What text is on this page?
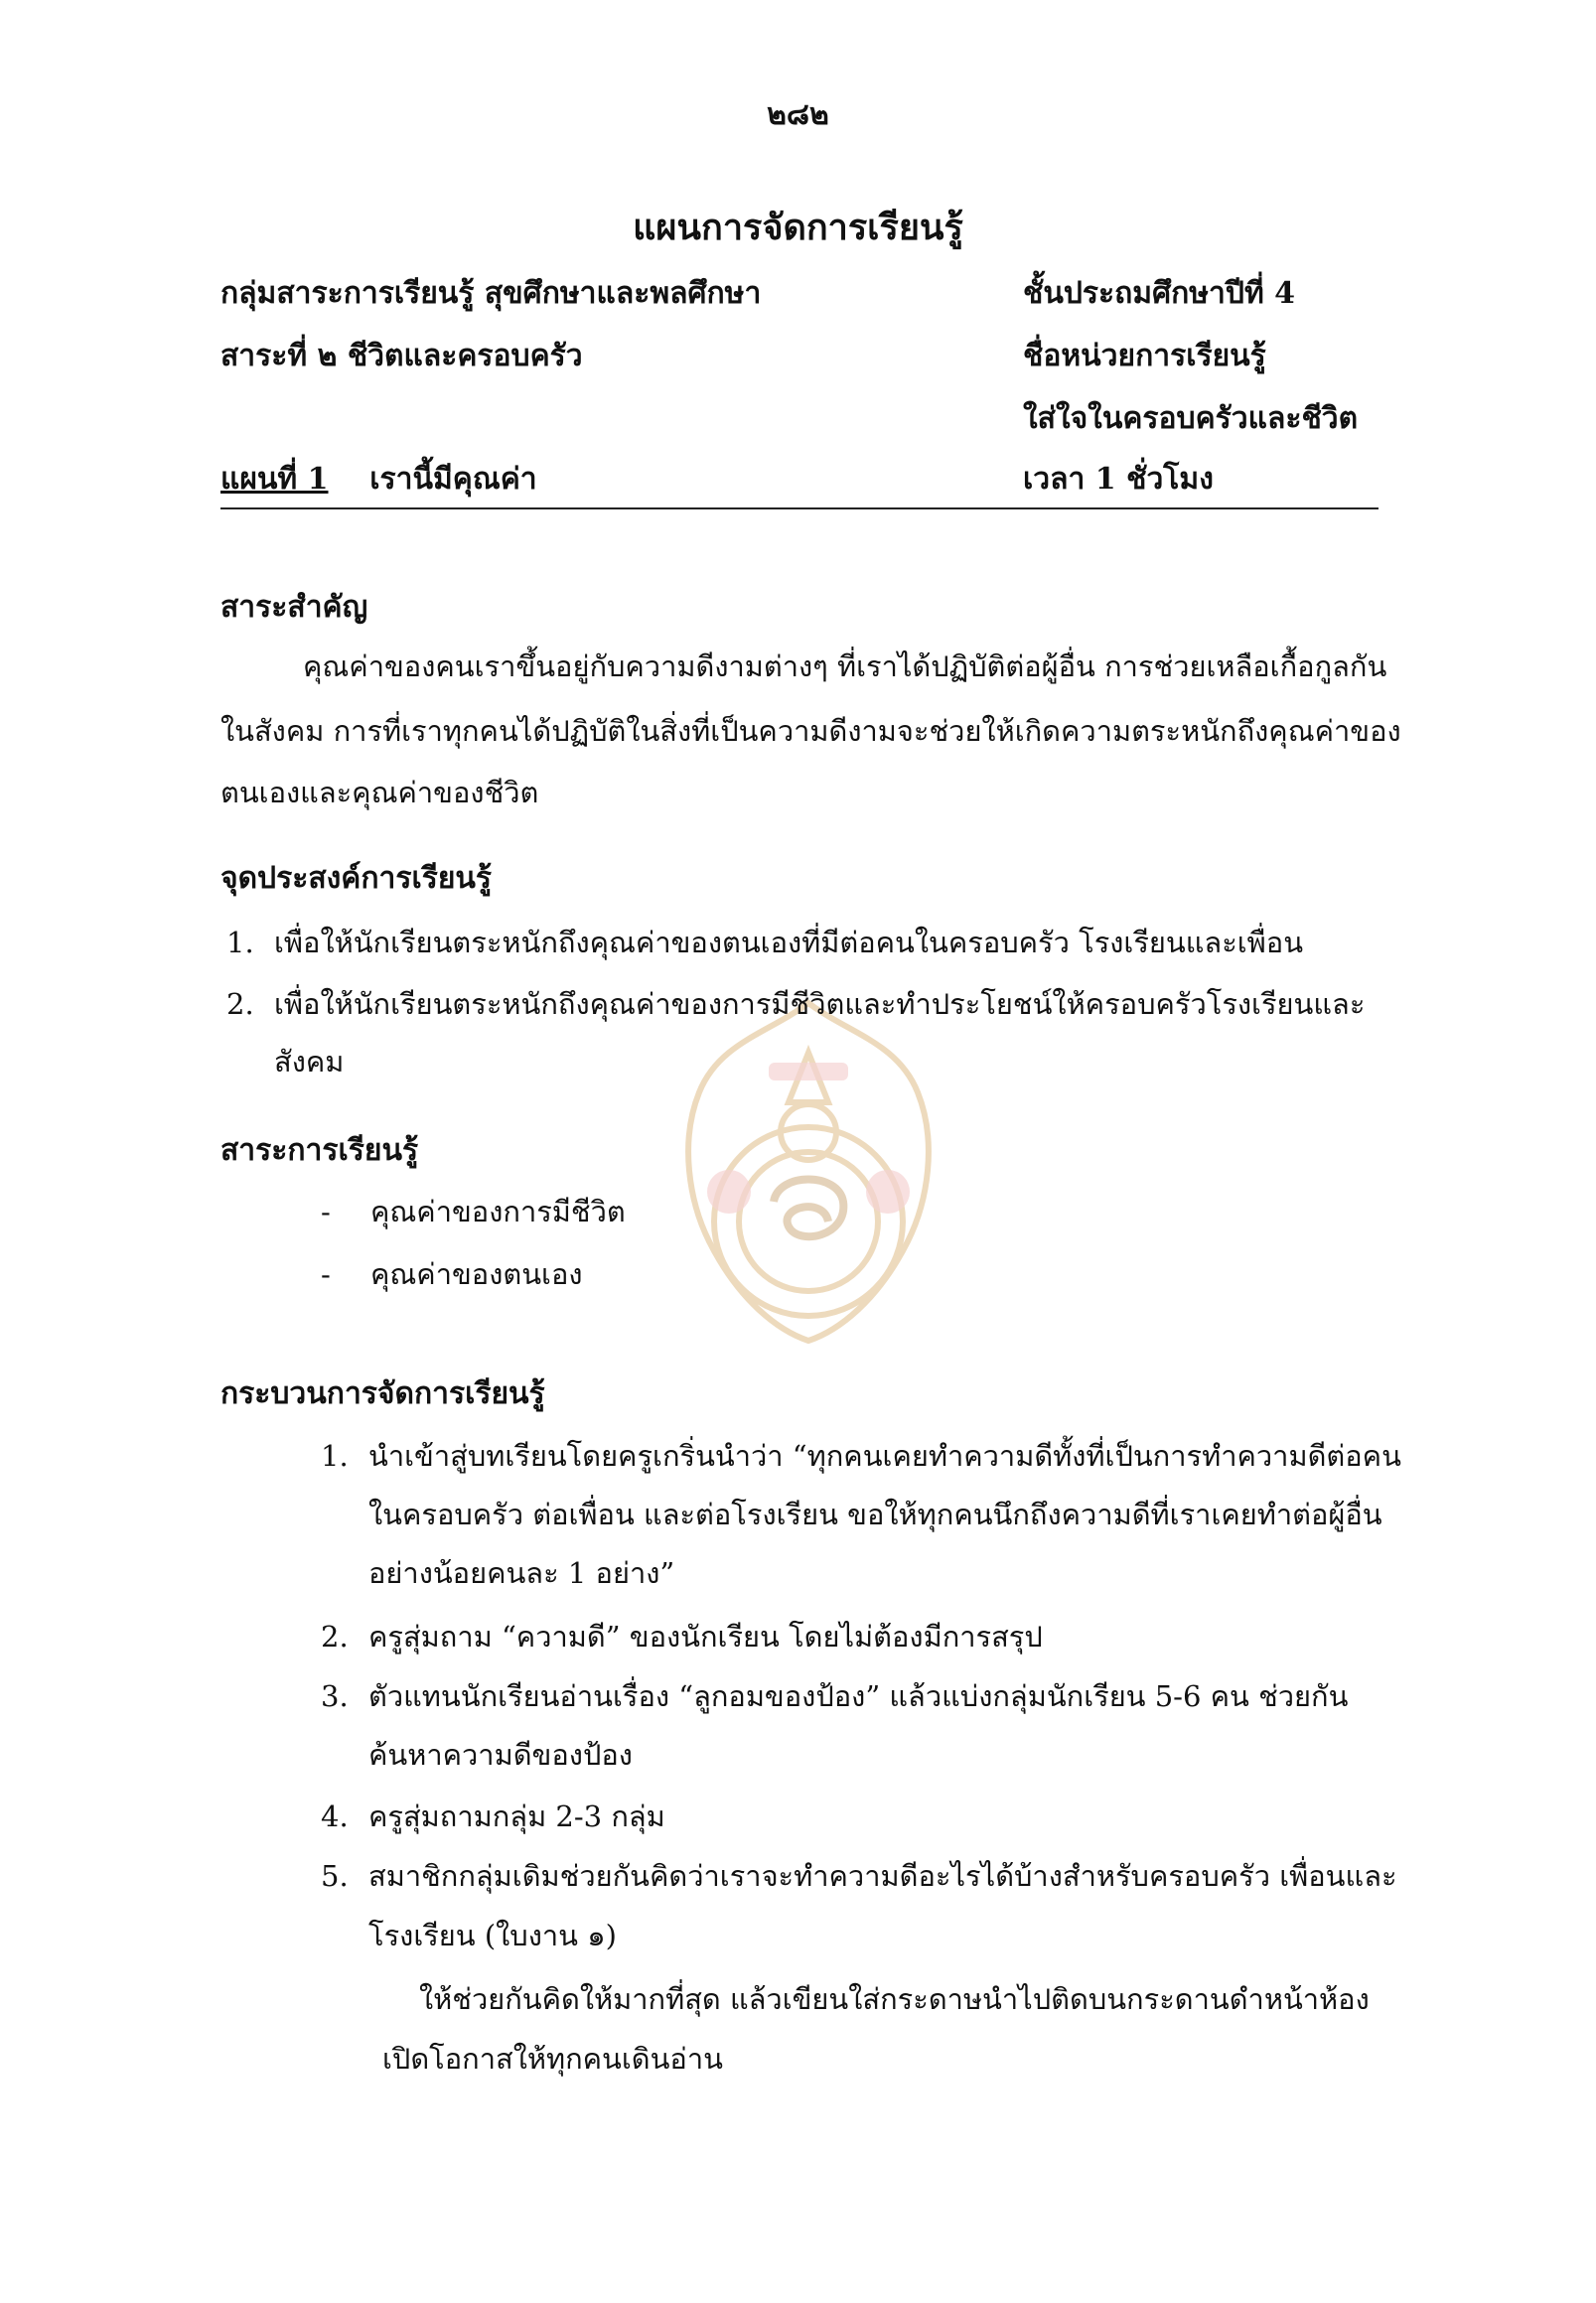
๒๘๒
แผนการจัดการเรียนรู้
กลุ่มสาระการเรียนรู้ สุขศึกษาและพลศึกษา	ชั้นประถมศึกษาปีที่ 4
สาระที่ ๒ ชีวิตและครอบครัว	ชื่อหน่วยการเรียนรู้
ใส่ใจในครอบครัวและชีวิต
แผนที่ 1 เรานี้มีคุณค่า	เวลา 1 ชั่วโมง
สาระสำคัญ
คุณค่าของคนเราขึ้นอยู่กับความดีงามต่างๆ ที่เราได้ปฏิบัติต่อผู้อื่น การช่วยเหลือเกื้อกูลกัน
ในสังคม การที่เราทุกคนได้ปฏิบัติในสิ่งที่เป็นความดีงามจะช่วยให้เกิดความตระหนักถึงคุณค่าของ
ตนเองและคุณค่าของชีวิต
จุดประสงค์การเรียนรู้
1. เพื่อให้นักเรียนตระหนักถึงคุณค่าของตนเองที่มีต่อคนในครอบครัว โรงเรียนและเพื่อน
2. เพื่อให้นักเรียนตระหนักถึงคุณค่าของการมีชีวิตและทำประโยชน์ให้ครอบครัวโรงเรียนและ
สังคม
สาระการเรียนรู้
- คุณค่าของการมีชีวิต
- คุณค่าของตนเอง
กระบวนการจัดการเรียนรู้
1. นำเข้าสู่บทเรียนโดยครูเกริ่นนำว่า “ทุกคนเคยทำความดีทั้งที่เป็นการทำความดีต่อคน
ในครอบครัว ต่อเพื่อน และต่อโรงเรียน ขอให้ทุกคนนึกถึงความดีที่เราเคยทำต่อผู้อื่น
อย่างน้อยคนละ 1 อย่าง”
2. ครูสุ่มถาม “ความดี” ของนักเรียน โดยไม่ต้องมีการสรุป
3. ตัวแทนนักเรียนอ่านเรื่อง “ลูกอมของป้อง” แล้วแบ่งกลุ่มนักเรียน 5-6 คน ช่วยกัน
ค้นหาความดีของป้อง
4. ครูสุ่มถามกลุ่ม 2-3 กลุ่ม
5. สมาชิกกลุ่มเดิมช่วยกันคิดว่าเราจะทำความดีอะไรได้บ้างสำหรับครอบครัว เพื่อนและ
โรงเรียน (ใบงาน ๑)
ให้ช่วยกันคิดให้มากที่สุด แล้วเขียนใส่กระดาษนำไปติดบนกระดานดำหน้าห้อง
เปิดโอกาสให้ทุกคนเดินอ่าน
